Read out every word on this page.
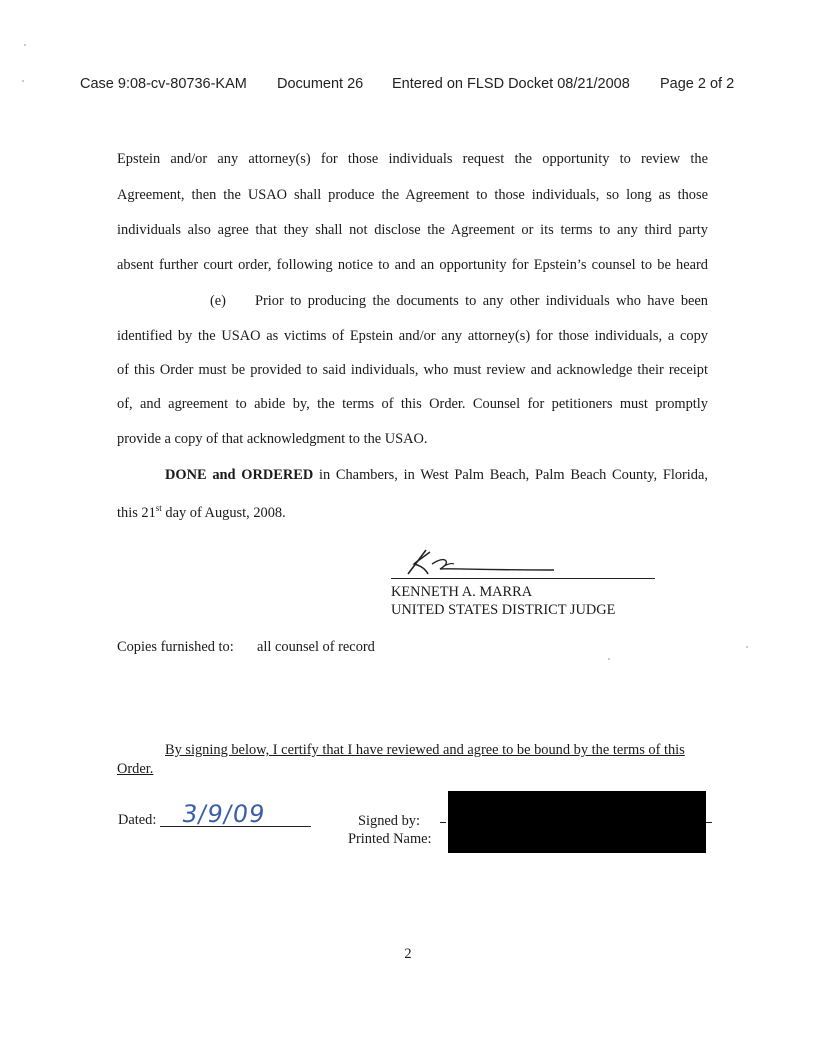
Case 9:08-cv-80736-KAM Document 26 Entered on FLSD Docket 08/21/2008 Page 2 of 2
Epstein and/or any attorney(s) for those individuals request the opportunity to review the
Agreement, then the USAO shall produce the Agreement to those individuals, so long as those
individuals also agree that they shall not disclose the Agreement or its terms to any third party
absent further court order, following notice to and an opportunity for Epstein’s counsel to be heard
(e) Prior to producing the documents to any other individuals who have been
identified by the USAO as victims of Epstein and/or any attorney(s) for those individuals, a copy
of this Order must be provided to said individuals, who must review and acknowledge their receipt
of, and agreement to abide by, the terms of this Order. Counsel for petitioners must promptly
provide a copy of that acknowledgment to the USAO.
DONE and ORDERED in Chambers, in West Palm Beach, Palm Beach County, Florida,
this 21st day of August, 2008.
KENNETH A. MARRA
UNITED STATES DISTRICT JUDGE
Copies furnished to: all counsel of record
By signing below, I certify that I have reviewed and agree to be bound by the terms of this
Order.
Dated: 3/9/09	Signed by:
Printed Name:
2
